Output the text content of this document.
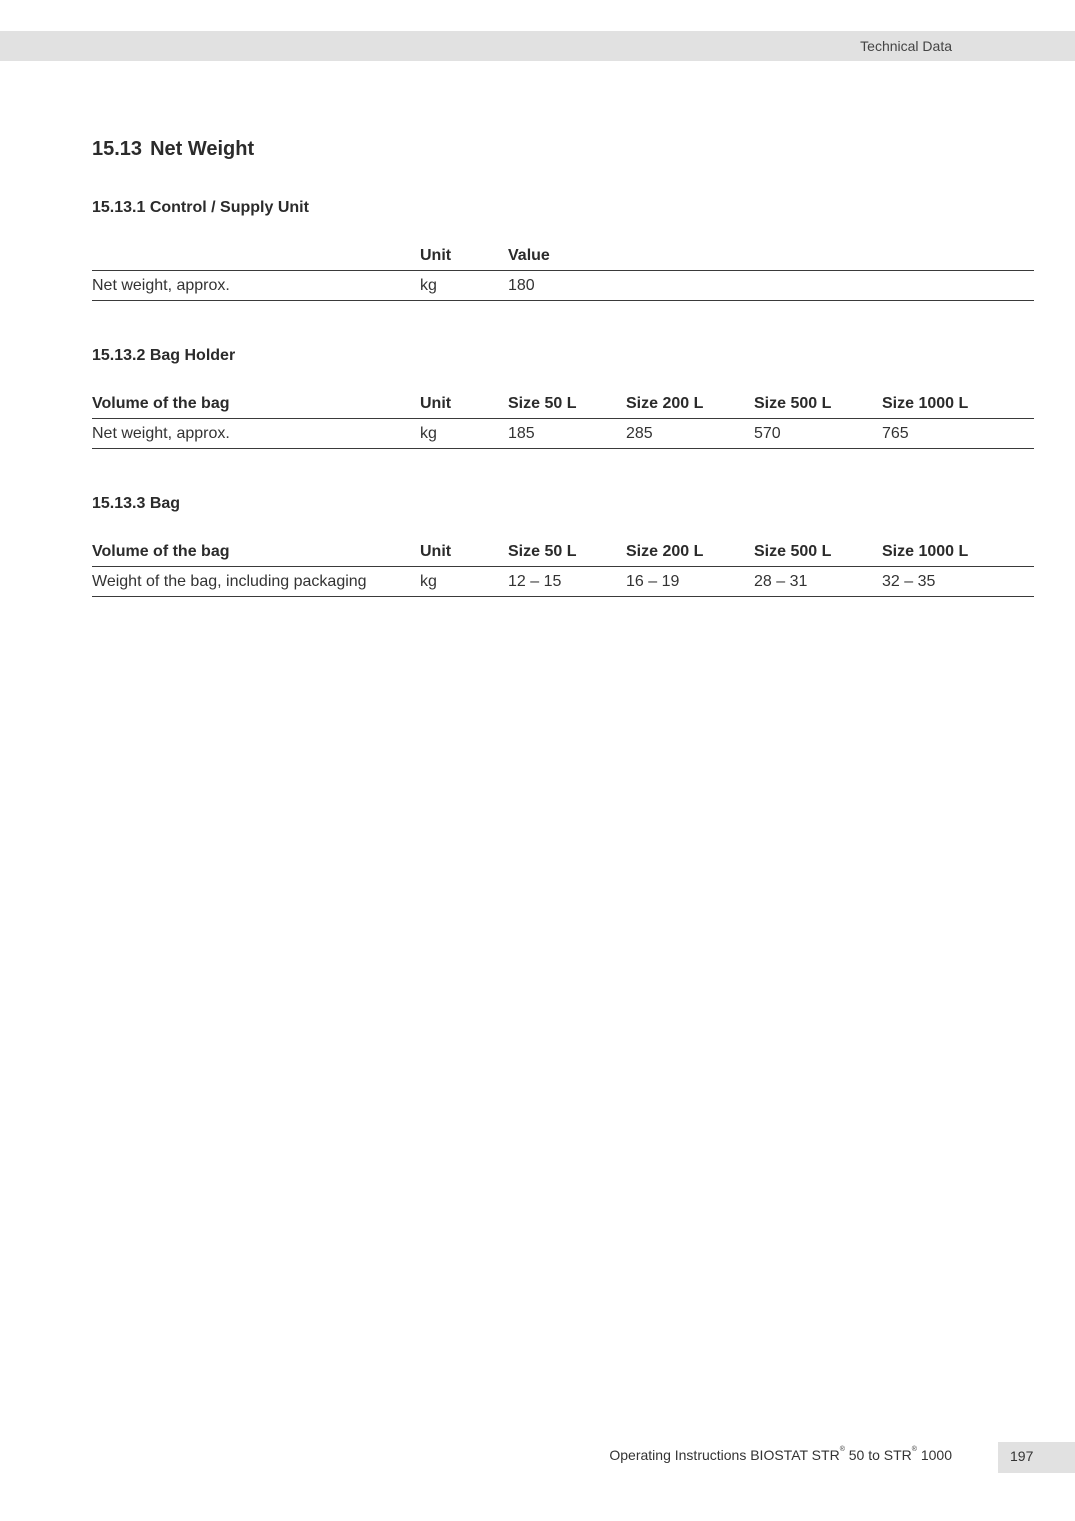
Technical Data
15.13 Net Weight
15.13.1 Control / Supply Unit
	Unit	Value
Net weight, approx.	kg	180
15.13.2 Bag Holder
Volume of the bag	Unit	Size 50 L	Size 200 L	Size 500 L	Size 1000 L
Net weight, approx.	kg	185	285	570	765
15.13.3 Bag
Volume of the bag	Unit	Size 50 L	Size 200 L	Size 500 L	Size 1000 L
Weight of the bag, including packaging	kg	12 – 15	16 – 19	28 – 31	32 – 35
Operating Instructions BIOSTAT STR® 50 to STR® 1000	197
